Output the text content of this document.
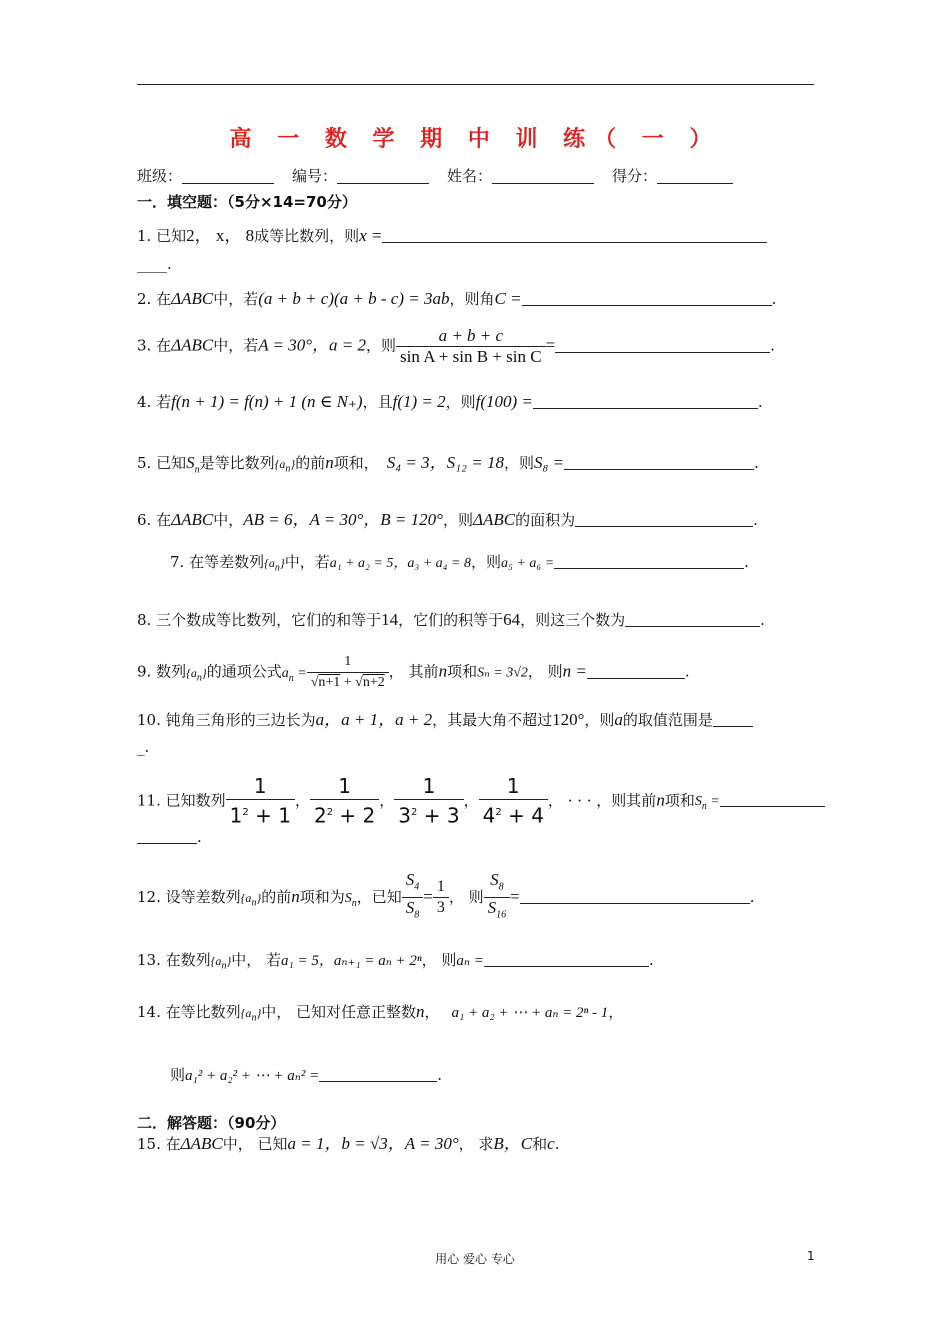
高 一 数 学 期 中 训 练（ 一 ）
班级：	编号：	姓名：	得分：
一．填空题：（5分×14=70分）
1. 已知2， x， 8成等比数列，则x =
____.
2. 在ΔABC中，若(a + b + c)(a + b - c) = 3ab，则角C =	.
3. 在ΔABC中，若A = 30°，a = 2，则 $\frac{a + b + c}{\text{sin A + sin B + sin C}}$ =	.
4. 若f(n + 1) = f(n) + 1 (n ∈ N₊)，且f(1) = 2，则f(100) =	.
5. 已知$S_n$是等比数列$\{a_n\}$的前n项和， S₄ = 3，S₁₂ = 18，则S₈ =	.
6. 在ΔABC中，AB = 6，A = 30°，B = 120°，则ΔABC的面积为	.
7. 在等差数列$\{a_n\}$中，若a₁ + a₂ = 5，a₃ + a₄ = 8，则a₅ + a₆ =	.
8. 三个数成等比数列，它们的和等于14，它们的积等于64，则这三个数为	.
9. 数列$\{a_n\}$的通项公式$a_n = \frac{1}{√n+1 + √n+2}$ ， 其前n项和Sₙ = 3√2， 则n =	.
10. 钝角三角形的三边长为a，a + 1，a + 2，其最大角不超过120°，则a的取值范围是
_.
11. 已知数列 $\frac{1}{1^2 + 1}$ ， $\frac{1}{2^2 + 2}$ ， $\frac{1}{3^2 + 3}$ ， $\frac{1}{4^2 + 4}$ ， · · · ，则其前n项和$S_n$ =
.
12. 设等差数列$\{a_n\}$的前n项和为$S_n$，已知 $\frac{S_4}{S_8} = \frac{1}{3}$ ， 则 $\frac{S_8}{S_{16}}$ =	.
13. 在数列$\{a_n\}$中， 若a₁ = 5，aₙ₊₁ = aₙ + 2ⁿ， 则aₙ =	.
14. 在等比数列$\{a_n\}$中， 已知对任意正整数n， a₁ + a₂ + ⋯ + aₙ = 2ⁿ - 1，
则a₁² + a₂² + ⋯ + aₙ² =	.
二．解答题：（90分）
15. 在ΔABC中， 已知a = 1，b = √3，A = 30°， 求B，C和c.
用心 爱心 专心	1
